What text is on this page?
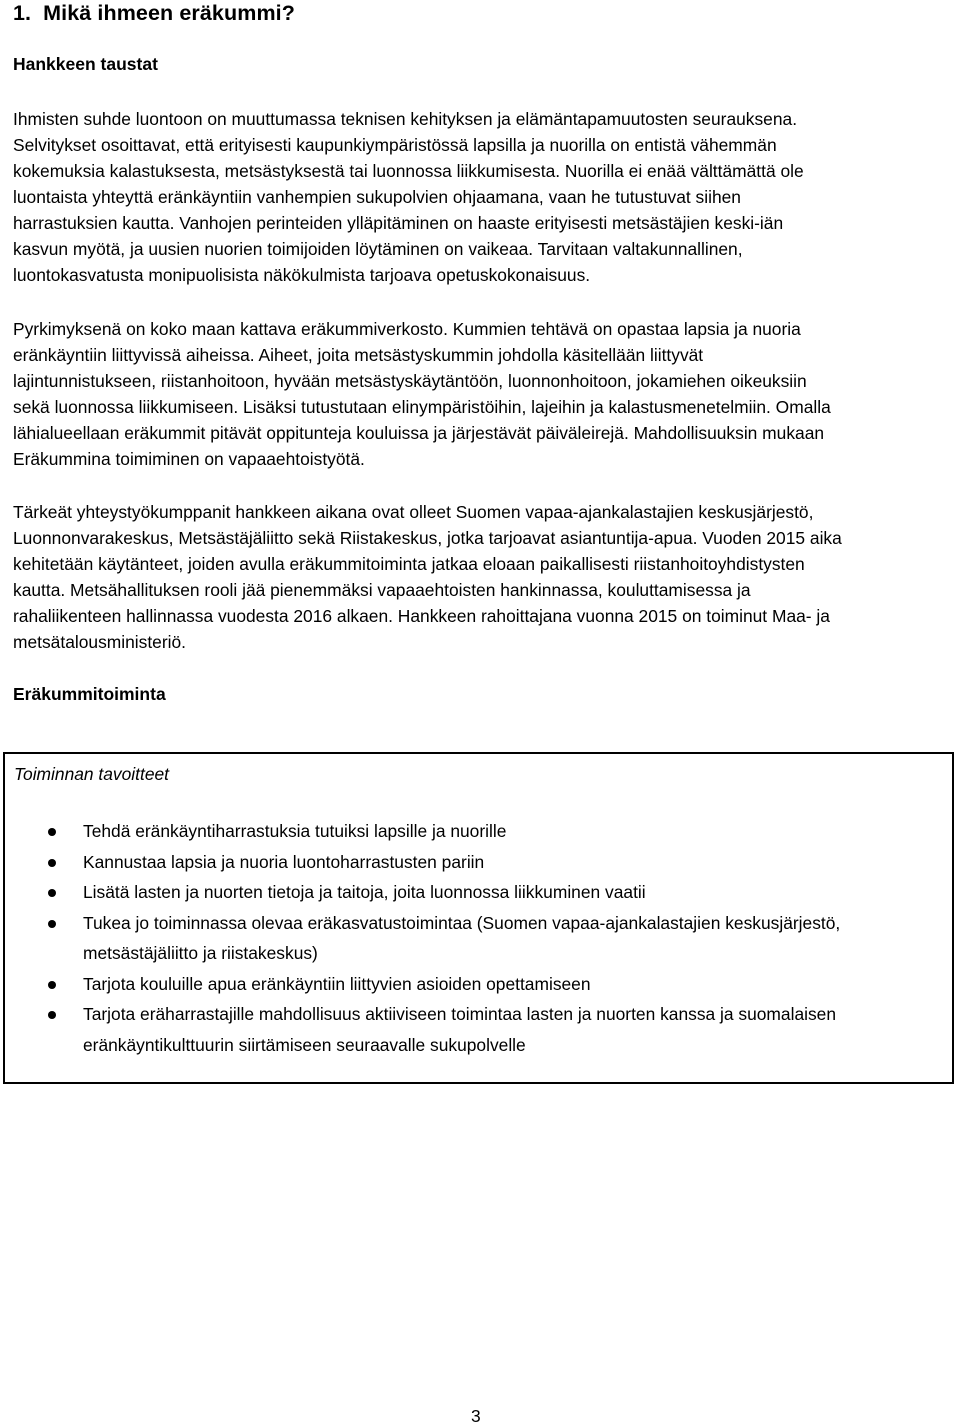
1. Mikä ihmeen eräkummi?
Hankkeen taustat

Ihmisten suhde luontoon on muuttumassa teknisen kehityksen ja elämäntapamuutosten seurauksena.
Selvitykset osoittavat, että erityisesti kaupunkiympäristössä lapsilla ja nuorilla on entistä vähemmän
kokemuksia kalastuksesta, metsästyksestä tai luonnossa liikkumisesta. Nuorilla ei enää välttämättä ole
luontaista yhteyttä eränkäyntiin vanhempien sukupolvien ohjaamana, vaan he tutustuvat siihen
harrastuksien kautta. Vanhojen perinteiden ylläpitäminen on haaste erityisesti metsästäjien keski-iän
kasvun myötä, ja uusien nuorien toimijoiden löytäminen on vaikeaa. Tarvitaan valtakunnallinen,
luontokasvatusta monipuolisista näkökulmista tarjoava opetuskokonaisuus.

Pyrkimyksenä on koko maan kattava eräkummiverkosto. Kummien tehtävä on opastaa lapsia ja nuoria
eränkäyntiin liittyvissä aiheissa. Aiheet, joita metsästyskummin johdolla käsitellään liittyvät
lajintunnistukseen, riistanhoitoon, hyvään metsästyskäytäntöön, luonnonhoitoon, jokamiehen oikeuksiin
sekä luonnossa liikkumiseen. Lisäksi tutustutaan elinympäristöihin, lajeihin ja kalastusmenetelmiin. Omalla
lähialueellaan eräkummit pitävät oppitunteja kouluissa ja järjestävät päiväleirejä. Mahdollisuuksin mukaan
Eräkummina toimiminen on vapaaehtoistyötä.

Tärkeät yhteystyökumppanit hankkeen aikana ovat olleet Suomen vapaa-ajankalastajien keskusjärjestö,
Luonnonvarakeskus, Metsästäjäliitto sekä Riistakeskus, jotka tarjoavat asiantuntija-apua. Vuoden 2015 aika
kehitetään käytänteet, joiden avulla eräkummitoiminta jatkaa eloaan paikallisesti riistanhoitoyhdistysten
kautta. Metsähallituksen rooli jää pienemmäksi vapaaehtoisten hankinnassa, kouluttamisessa ja
rahaliikenteen hallinnassa vuodesta 2016 alkaen. Hankkeen rahoittajana vuonna 2015 on toiminut Maa- ja
metsätalousministeriö.

Eräkummitoiminta
Toiminnan tavoitteet
Tehdä eränkäyntiharrastuksia tutuiksi lapsille ja nuorille
Kannustaa lapsia ja nuoria luontoharrastusten pariin
Lisätä lasten ja nuorten tietoja ja taitoja, joita luonnossa liikkuminen vaatii
Tukea jo toiminnassa olevaa eräkasvatustoimintaa (Suomen vapaa-ajankalastajien keskusjärjestö,
metsästäjäliitto ja riistakeskus)
Tarjota kouluille apua eränkäyntiin liittyvien asioiden opettamiseen
Tarjota eräharrastajille mahdollisuus aktiiviseen toimintaa lasten ja nuorten kanssa ja suomalaisen
eränkäyntikulttuurin siirtämiseen seuraavalle sukupolvelle
3
